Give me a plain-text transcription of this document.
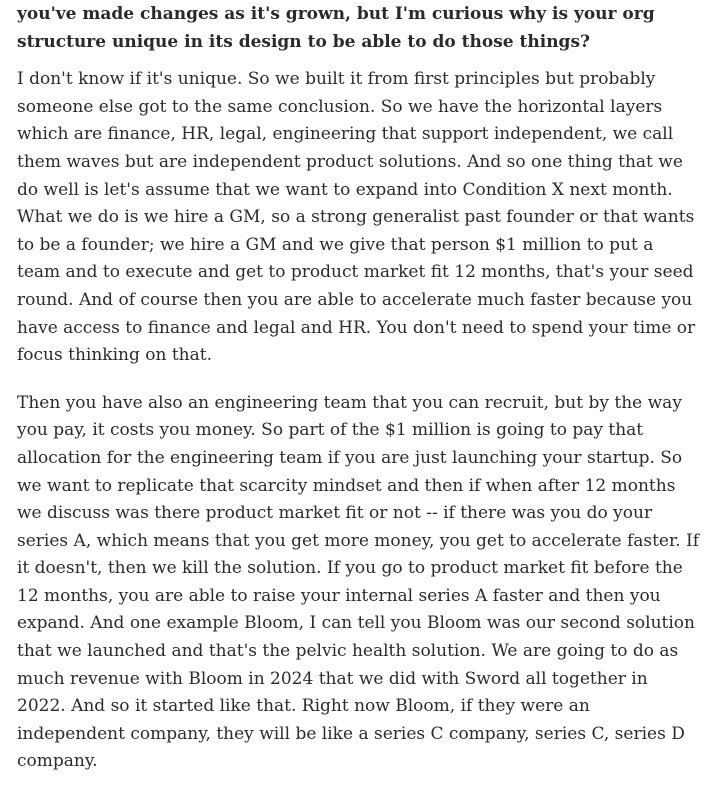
you've made changes as it's grown, but I'm curious why is your org structure unique in its design to be able to do those things?

I don't know if it's unique. So we built it from first principles but probably someone else got to the same conclusion. So we have the horizontal layers which are finance, HR, legal, engineering that support independent, we call them waves but are independent product solutions. And so one thing that we do well is let's assume that we want to expand into Condition X next month. What we do is we hire a GM, so a strong generalist past founder or that wants to be a founder; we hire a GM and we give that person $1 million to put a team and to execute and get to product market fit 12 months, that's your seed round. And of course then you are able to accelerate much faster because you have access to finance and legal and HR. You don't need to spend your time or focus thinking on that.

Then you have also an engineering team that you can recruit, but by the way you pay, it costs you money. So part of the $1 million is going to pay that allocation for the engineering team if you are just launching your startup. So we want to replicate that scarcity mindset and then if when after 12 months we discuss was there product market fit or not -- if there was you do your series A, which means that you get more money, you get to accelerate faster. If it doesn't, then we kill the solution. If you go to product market fit before the 12 months, you are able to raise your internal series A faster and then you expand. And one example Bloom, I can tell you Bloom was our second solution that we launched and that's the pelvic health solution. We are going to do as much revenue with Bloom in 2024 that we did with Sword all together in 2022. And so it started like that. Right now Bloom, if they were an independent company, they will be like a series C company, series C, series D company.
